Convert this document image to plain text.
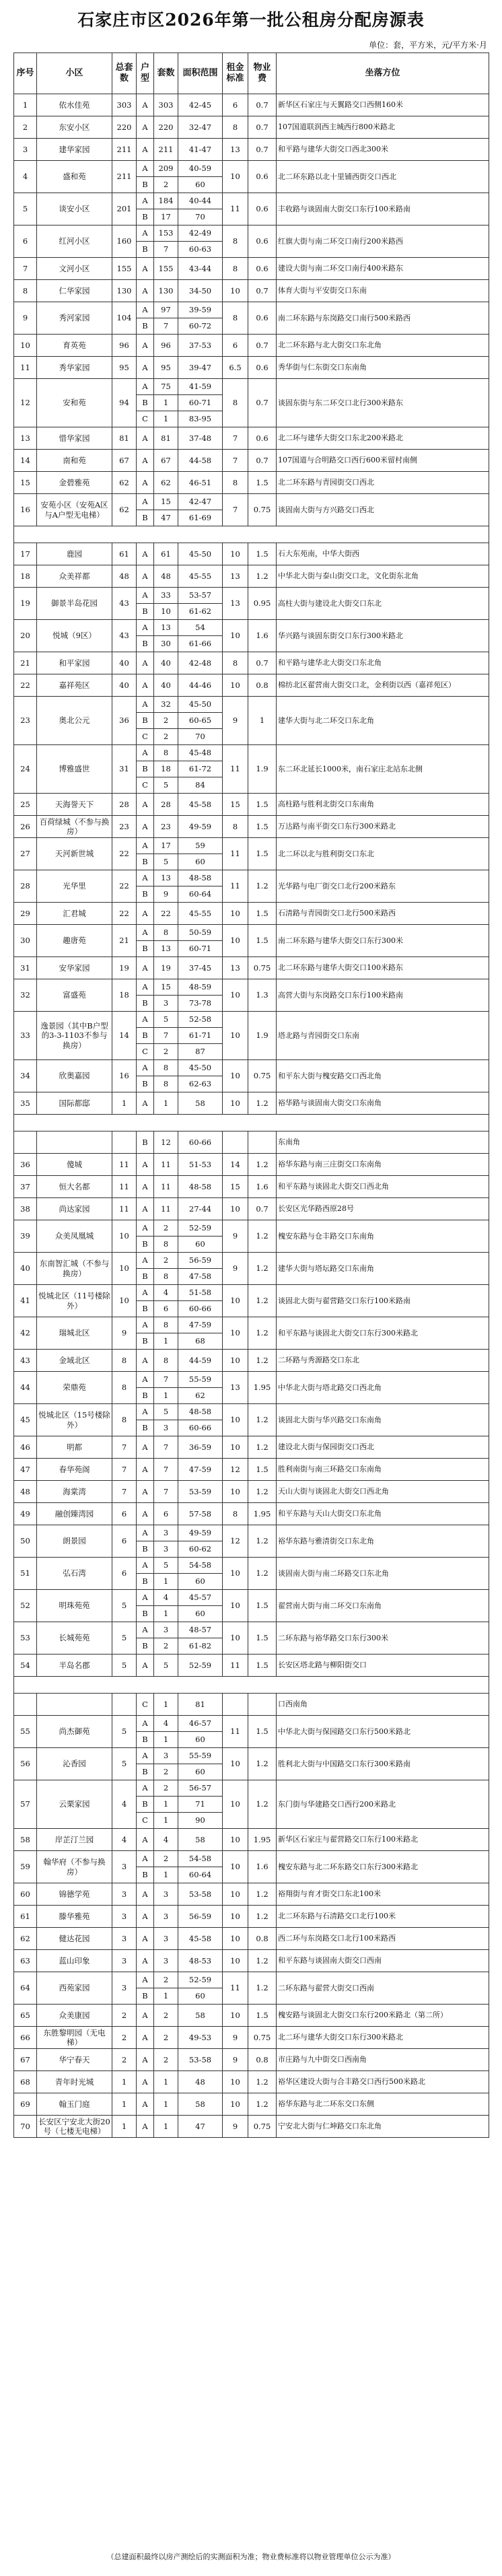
石家庄市区2026年第一批公租房分配房源表
单位：套，平方米，元/平方米·月
序号	小区	总套数	户型	套数	面积范围	租金标准	物业费	坐落方位
1	依水佳苑	303	A	303	42-45	6	0.7	新华区石家庄与天翼路交口西侧160米
2	东安小区	220	A	220	32-47	8	0.7	107国道联润西主城西行800米路北
3	建华家园	211	A	211	41-47	13	0.7	和平路与建华大街交口西北300米
4	盛和苑	211	A	209	40-59	10	0.6	北二环东路以北十里铺西街交口西北
			B	2	60			
5	谈安小区	201	A	184	40-44	11	0.6	丰收路与谈固南大街交口东行100米路南
			B	17	70			
6	红河小区	160	A	153	42-49	8	0.6	红旗大街与南二环交口南行200米路西
			B	7	60-63			
7	文河小区	155	A	155	43-44	8	0.6	建设大街与南二环交口南行400米路东
8	仁华家园	130	A	130	34-50	10	0.7	体育大街与平安街交口东南
9	秀河家园	104	A	97	39-59	8	0.6	南二环东路与东岗路交口南行500米路西
			B	7	60-72			
10	育英苑	96	A	96	37-53	6	0.7	北二环东路与北大街交口东北角
11	秀华家园	95	A	95	39-47	6.5	0.6	秀华街与仁东街交口东南角
12	安和苑	94	A	75	41-59	8	0.7	谈固东街与东二环交口北行300米路东
			B	1	60-71			
			C	1	83-95			
13	惜华家园	81	A	81	37-48	7	0.6	北二环与建华大街交口东北200米路北
14	南和苑	67	A	67	44-58	7	0.7	107国道与合明路交口西行600米留村南侧
15	金碧雅苑	62	A	62	46-51	8	1.5	北二环东路与青园街交口西北
16	安苑小区（安苑A区与A户型无电梯）	62	A	15	42-47	7	0.75	谈固南大街与方兴路交口西北
			B	47	61-69			

17	鹿园	61	A	61	45-50	10	1.5	石大东苑南，中华大街西
18	众美祥都	48	A	48	45-55	13	1.2	中华北大街与泰山街交口北，文化街东北角
19	御景半岛花园	43	A	33	53-57	13	0.95	高柱大街与建设北大街交口东北
			B	10	61-62			
20	悦城（9区）	43	A	13	54	10	1.6	华兴路与谈固东街交口东行300米路北
			B	30	61-66			
21	和平家园	40	A	40	42-48	8	0.7	和平路与建华北大街交口东北角
22	嘉祥苑区	40	A	40	44-46	10	0.8	棉纺北区翟营南大街交口北，金利街以西（嘉祥苑区）
23	奥北公元	36	A	32	45-50	9	1	建华大街与北二环交口东北角
			B	2	60-65			
			C	2	70			
24	博雅盛世	31	A	8	45-48	11	1.9	东二环北延长1000米，南石家庄北站东北侧
			B	18	61-72			
			C	5	84			
25	天海誉天下	28	A	28	45-58	15	1.5	高柱路与胜利北街交口东南角
26	百荷绿城（不参与换房）	23	A	23	49-59	8	1.5	万达路与南平街交口东行300米路北
27	天河新世城	22	A	17	59	11	1.5	北二环以北与胜利街交口东北
			B	5	60			
28	光华里	22	A	13	48-58	11	1.2	光华路与电厂街交口北行200米路东
			B	9	60-64			
29	汇君城	22	A	22	45-55	10	1.5	石清路与青园街交口北行500米路西
30	趣唐苑	21	A	8	50-59	10	1.5	南二环东路与建华大街交口东行300米
			B	13	60-71			
31	安华家园	19	A	19	37-45	13	0.75	北二环东路与建华大街交口100米路东
32	富盛苑	18	A	15	48-59	10	1.3	高营大街与东岗路交口东行100米路南
			B	3	73-78			
33	逸景园（其中B户型的3-3-1103不参与换房）	14	A	5	52-58	10	1.9	塔北路与青园街交口东南
			B	7	61-71			
			C	2	87			
34	欣奥嘉园	16	A	8	45-50	10	0.75	和平东大街与槐安路交口西北角
			B	8	62-63			
35	国际都邸	1	A	1	58	10	1.2	裕华路与谈固南大街交口东南角

			B	12	60-66			东南角
36	傻城	11	A	11	51-53	14	1.2	裕华东路与南三庄街交口东南角
37	恒大名都	11	A	11	48-58	15	1.6	和平东路与谈固北大街交口西北角
38	尚达家园	11	A	11	27-44	10	0.7	长安区光华路西原28号
39	众美凤凰城	10	A	2	52-59	9	1.2	槐安东路与仓丰路交口东南角
			B	8	60			
40	东南智汇城（不参与换房）	10	A	2	56-59	9	1.2	建华大街与塔坛路交口东南角
			B	8	47-58			
41	悦城北区（11号楼除外）	10	A	4	51-58	10	1.2	谈固北大街与翟营路交口东行100米路南
			B	6	60-66			
42	瑞城北区	9	A	8	47-59	10	1.2	和平东路与谈固北大街交口东行300米路北
			B	1	68			
43	金域北区	8	A	8	44-59	10	1.2	二环路与秀源路交口东北
44	荣鼎苑	8	A	7	55-59	13	1.95	中华北大街与塔北路交口西北角
			B	1	62			
45	悦城北区（15号楼除外）	8	A	5	48-58	10	1.2	谈固北大街与华兴路交口东南角
			B	3	60-66			
46	明都	7	A	7	36-59	10	1.2	建设北大街与保园街交口西北
47	春华苑阁	7	A	7	47-59	12	1.5	胜利南街与南三环路交口东南角
48	海棠湾	7	A	7	53-59	10	1.2	天山大街与谈固北大街交口西北角
49	融创臻湾园	6	A	6	57-58	8	1.95	和平东路与天山大街交口东北角
50	朗景园	6	A	3	49-59	12	1.2	裕华东路与雅清街交口东北角
			B	3	60-62			
51	弘石湾	6	A	5	54-58	10	1.2	谈固南大街与南二环路交口东北角
			B	1	60			
52	明珠苑苑	5	A	4	45-57	10	1.5	翟营南大街与南二环交口东南角
			B	1	60			
53	长城苑苑	5	A	3	48-57	10	1.5	二环东路与裕华路交口东行300米
			B	2	61-82			
54	半岛名郡	5	A	5	52-59	11	1.5	长安区塔北路与柳阳街交口

			C	1	81			口西南角
55	尚杰御苑	5	A	4	46-57	11	1.5	中华北大街与保园路交口东行500米路北
			B	1	60			
56	沁香园	5	A	3	55-59	10	1.2	胜利北大街与中国路交口东行300米路南
			B	2	60			
57	云栗家园	4	A	2	56-57	10	1.2	东门街与华建路交口西行200米路北
			B	1	71			
			C	1	90			
58	岸芷汀兰园	4	A	4	58	10	1.95	新华区石家庄与翟营路交口东行100米路北
59	翰华府（不参与换房）	3	A	2	54-58	10	1.6	槐安东路与北二环东路交口东行300米路北
			B	1	60-64			
60	锦德学苑	3	A	3	53-58	10	1.2	裕翔街与育才街交口东北100米
61	滕华雅苑	3	A	3	56-59	10	1.2	北二环东路与石清路交口北行100米
62	健达花园	3	A	3	45-58	10	0.8	西二环与东岗路交口北行100米路西
63	蓝山印象	3	A	3	48-53	10	1.2	和平东路与谈固南大街交口西南
64	西苑家园	3	A	2	52-59	11	1.2	二环东路与翟营大街交口西南
			B	1	60			
65	众美康园	2	A	2	58	10	1.5	槐安路与谈固北大街交口东行200米路北（第二所）
66	东胜黎明园（无电梯）	2	A	2	49-53	9	0.75	北二环与建华大街交口东行300米路北
67	华宁春天	2	A	2	53-58	9	0.8	市庄路与九中街交口西南角
68	青年时光城	1	A	1	48	10	1.2	裕华区建设大街与合丰路交口西行500米路北
69	翰玉门庭	1	A	1	58	10	1.2	裕华东路与北二环东交口东侧
70	长安区宁安北大街20号（七楼无电梯）	1	A	1	47	9	0.75	宁安北大街与仁坤路交口东北角
（总建面积最终以房产测绘后的实测面积为准；物业费标准将以物业管理单位公示为准）
